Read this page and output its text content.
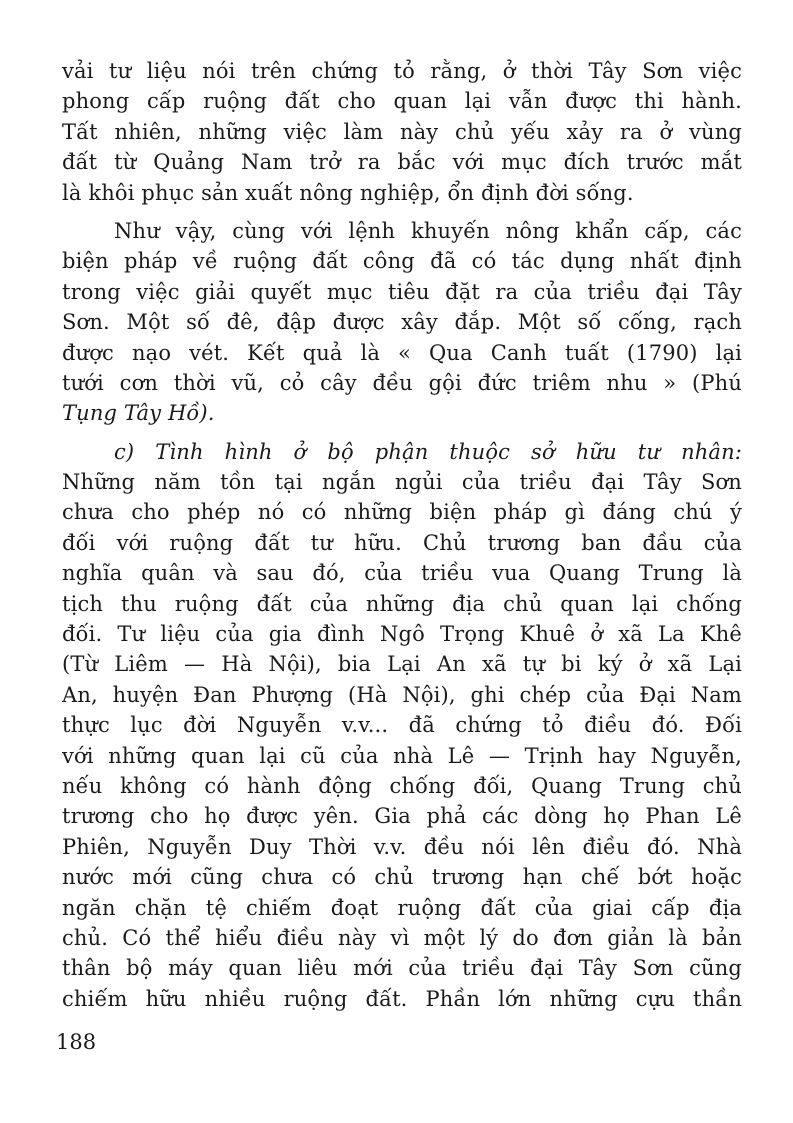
vải tư liệu nói trên chứng tỏ rằng, ở thời Tây Sơn việc
phong cấp ruộng đất cho quan lại vẫn được thi hành.
Tất nhiên, những việc làm này chủ yếu xảy ra ở vùng
đất từ Quảng Nam trở ra bắc với mục đích trước mắt
là khôi phục sản xuất nông nghiệp, ổn định đời sống.
Như vậy, cùng với lệnh khuyến nông khẩn cấp, các
biện pháp về ruộng đất công đã có tác dụng nhất định
trong việc giải quyết mục tiêu đặt ra của triều đại Tây
Sơn. Một số đê, đập được xây đắp. Một số cống, rạch
được nạo vét. Kết quả là « Qua Canh tuất (1790) lại
tưới cơn thời vũ, cỏ cây đều gội đức triêm nhu » (Phú
Tụng Tây Hồ).
c) Tình hình ở bộ phận thuộc sở hữu tư nhân:
Những năm tồn tại ngắn ngủi của triều đại Tây Sơn
chưa cho phép nó có những biện pháp gì đáng chú ý
đối với ruộng đất tư hữu. Chủ trương ban đầu của
nghĩa quân và sau đó, của triều vua Quang Trung là
tịch thu ruộng đất của những địa chủ quan lại chống
đối. Tư liệu của gia đình Ngô Trọng Khuê ở xã La Khê
(Từ Liêm — Hà Nội), bia Lại An xã tự bi ký ở xã Lại
An, huyện Đan Phượng (Hà Nội), ghi chép của Đại Nam
thực lục đời Nguyễn v.v... đã chứng tỏ điều đó. Đối
với những quan lại cũ của nhà Lê — Trịnh hay Nguyễn,
nếu không có hành động chống đối, Quang Trung chủ
trương cho họ được yên. Gia phả các dòng họ Phan Lê
Phiên, Nguyễn Duy Thời v.v. đều nói lên điều đó. Nhà
nước mới cũng chưa có chủ trương hạn chế bớt hoặc
ngăn chặn tệ chiếm đoạt ruộng đất của giai cấp địa
chủ. Có thể hiểu điều này vì một lý do đơn giản là bản
thân bộ máy quan liêu mới của triều đại Tây Sơn cũng
chiếm hữu nhiều ruộng đất. Phần lớn những cựu thần
188
